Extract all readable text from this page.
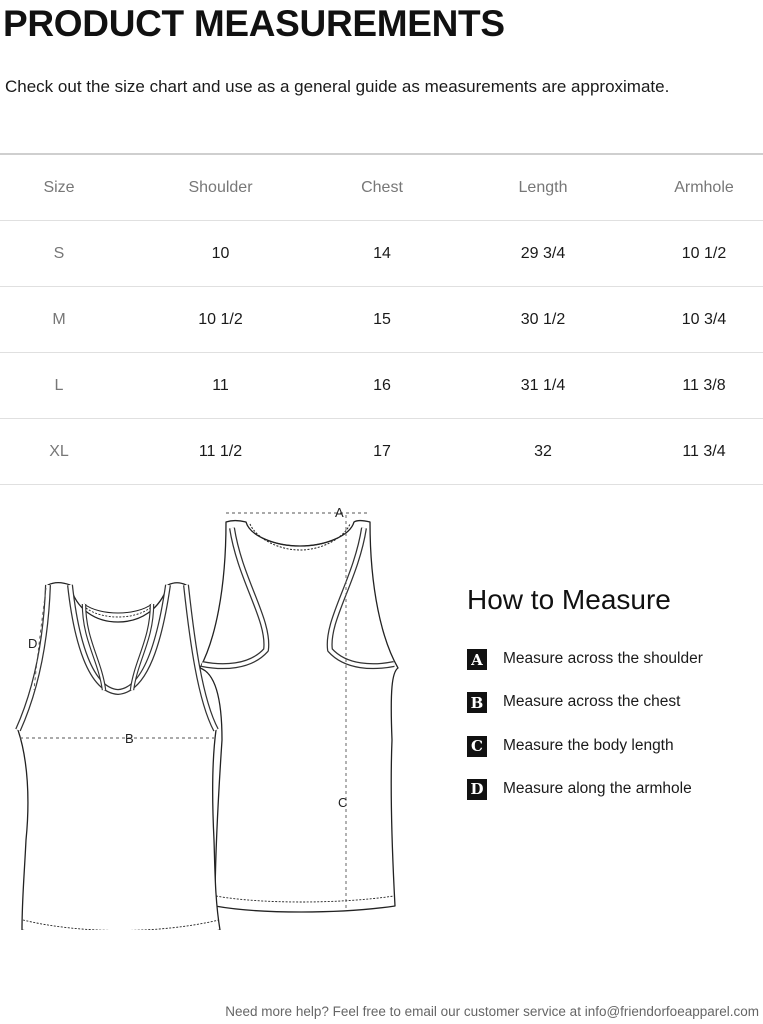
PRODUCT MEASUREMENTS

Check out the size chart and use as a general guide as measurements are approximate.

Size	Shoulder	Chest	Length	Armhole
S	10	14	29 3/4	10 1/2
M	10 1/2	15	30 1/2	10 3/4
L	11	16	31 1/4	11 3/8
XL	11 1/2	17	32	11 3/4
A
B
C
D
How to Measure
A Measure across the shoulder
B Measure across the chest
C Measure the body length
D Measure along the armhole

Need more help? Feel free to email our customer service at info@friendorfoeapparel.com
